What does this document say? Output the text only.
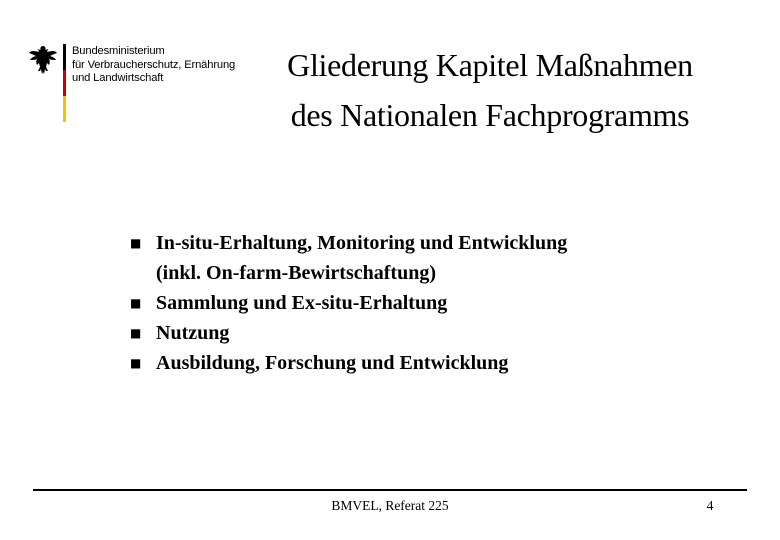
Bundesministerium
für Verbraucherschutz, Ernährung
und Landwirtschaft	Gliederung Kapitel Maßnahmen
des Nationalen Fachprogramms
■ In-situ-Erhaltung, Monitoring und Entwicklung
(inkl. On-farm-Bewirtschaftung)
■ Sammlung und Ex-situ-Erhaltung
■ Nutzung
■ Ausbildung, Forschung und Entwicklung
BMVEL, Referat 225	4
